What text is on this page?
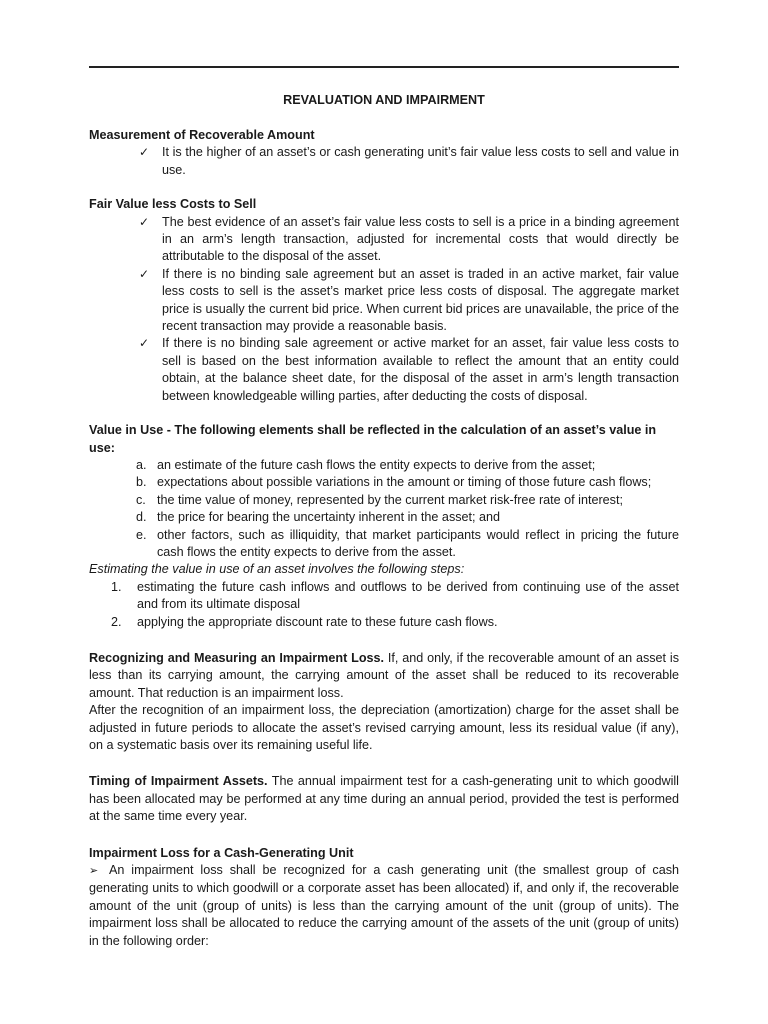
REVALUATION AND IMPAIRMENT

Measurement of Recoverable Amount

✓ It is the higher of an asset’s or cash generating unit’s fair value less costs to sell and value in use.

Fair Value less Costs to Sell

✓ The best evidence of an asset’s fair value less costs to sell is a price in a binding agreement in an arm’s length transaction, adjusted for incremental costs that would directly be attributable to the disposal of the asset.
✓ If there is no binding sale agreement but an asset is traded in an active market, fair value less costs to sell is the asset’s market price less costs of disposal. The aggregate market price is usually the current bid price. When current bid prices are unavailable, the price of the recent transaction may provide a reasonable basis.
✓ If there is no binding sale agreement or active market for an asset, fair value less costs to sell is based on the best information available to reflect the amount that an entity could obtain, at the balance sheet date, for the disposal of the asset in arm’s length transaction between knowledgeable willing parties, after deducting the costs of disposal.

Value in Use - The following elements shall be reflected in the calculation of an asset’s value in use:

a. an estimate of the future cash flows the entity expects to derive from the asset;
b. expectations about possible variations in the amount or timing of those future cash flows;
c. the time value of money, represented by the current market risk-free rate of interest;
d. the price for bearing the uncertainty inherent in the asset; and
e. other factors, such as illiquidity, that market participants would reflect in pricing the future cash flows the entity expects to derive from the asset.

Estimating the value in use of an asset involves the following steps:

1. estimating the future cash inflows and outflows to be derived from continuing use of the asset and from its ultimate disposal
2. applying the appropriate discount rate to these future cash flows.

Recognizing and Measuring an Impairment Loss. If, and only, if the recoverable amount of an asset is less than its carrying amount, the carrying amount of the asset shall be reduced to its recoverable amount. That reduction is an impairment loss.

After the recognition of an impairment loss, the depreciation (amortization) charge for the asset shall be adjusted in future periods to allocate the asset’s revised carrying amount, less its residual value (if any), on a systematic basis over its remaining useful life.

Timing of Impairment Assets. The annual impairment test for a cash-generating unit to which goodwill has been allocated may be performed at any time during an annual period, provided the test is performed at the same time every year.

Impairment Loss for a Cash-Generating Unit

➢ An impairment loss shall be recognized for a cash generating unit (the smallest group of cash generating units to which goodwill or a corporate asset has been allocated) if, and only if, the recoverable amount of the unit (group of units) is less than the carrying amount of the unit (group of units). The impairment loss shall be allocated to reduce the carrying amount of the assets of the unit (group of units) in the following order:
